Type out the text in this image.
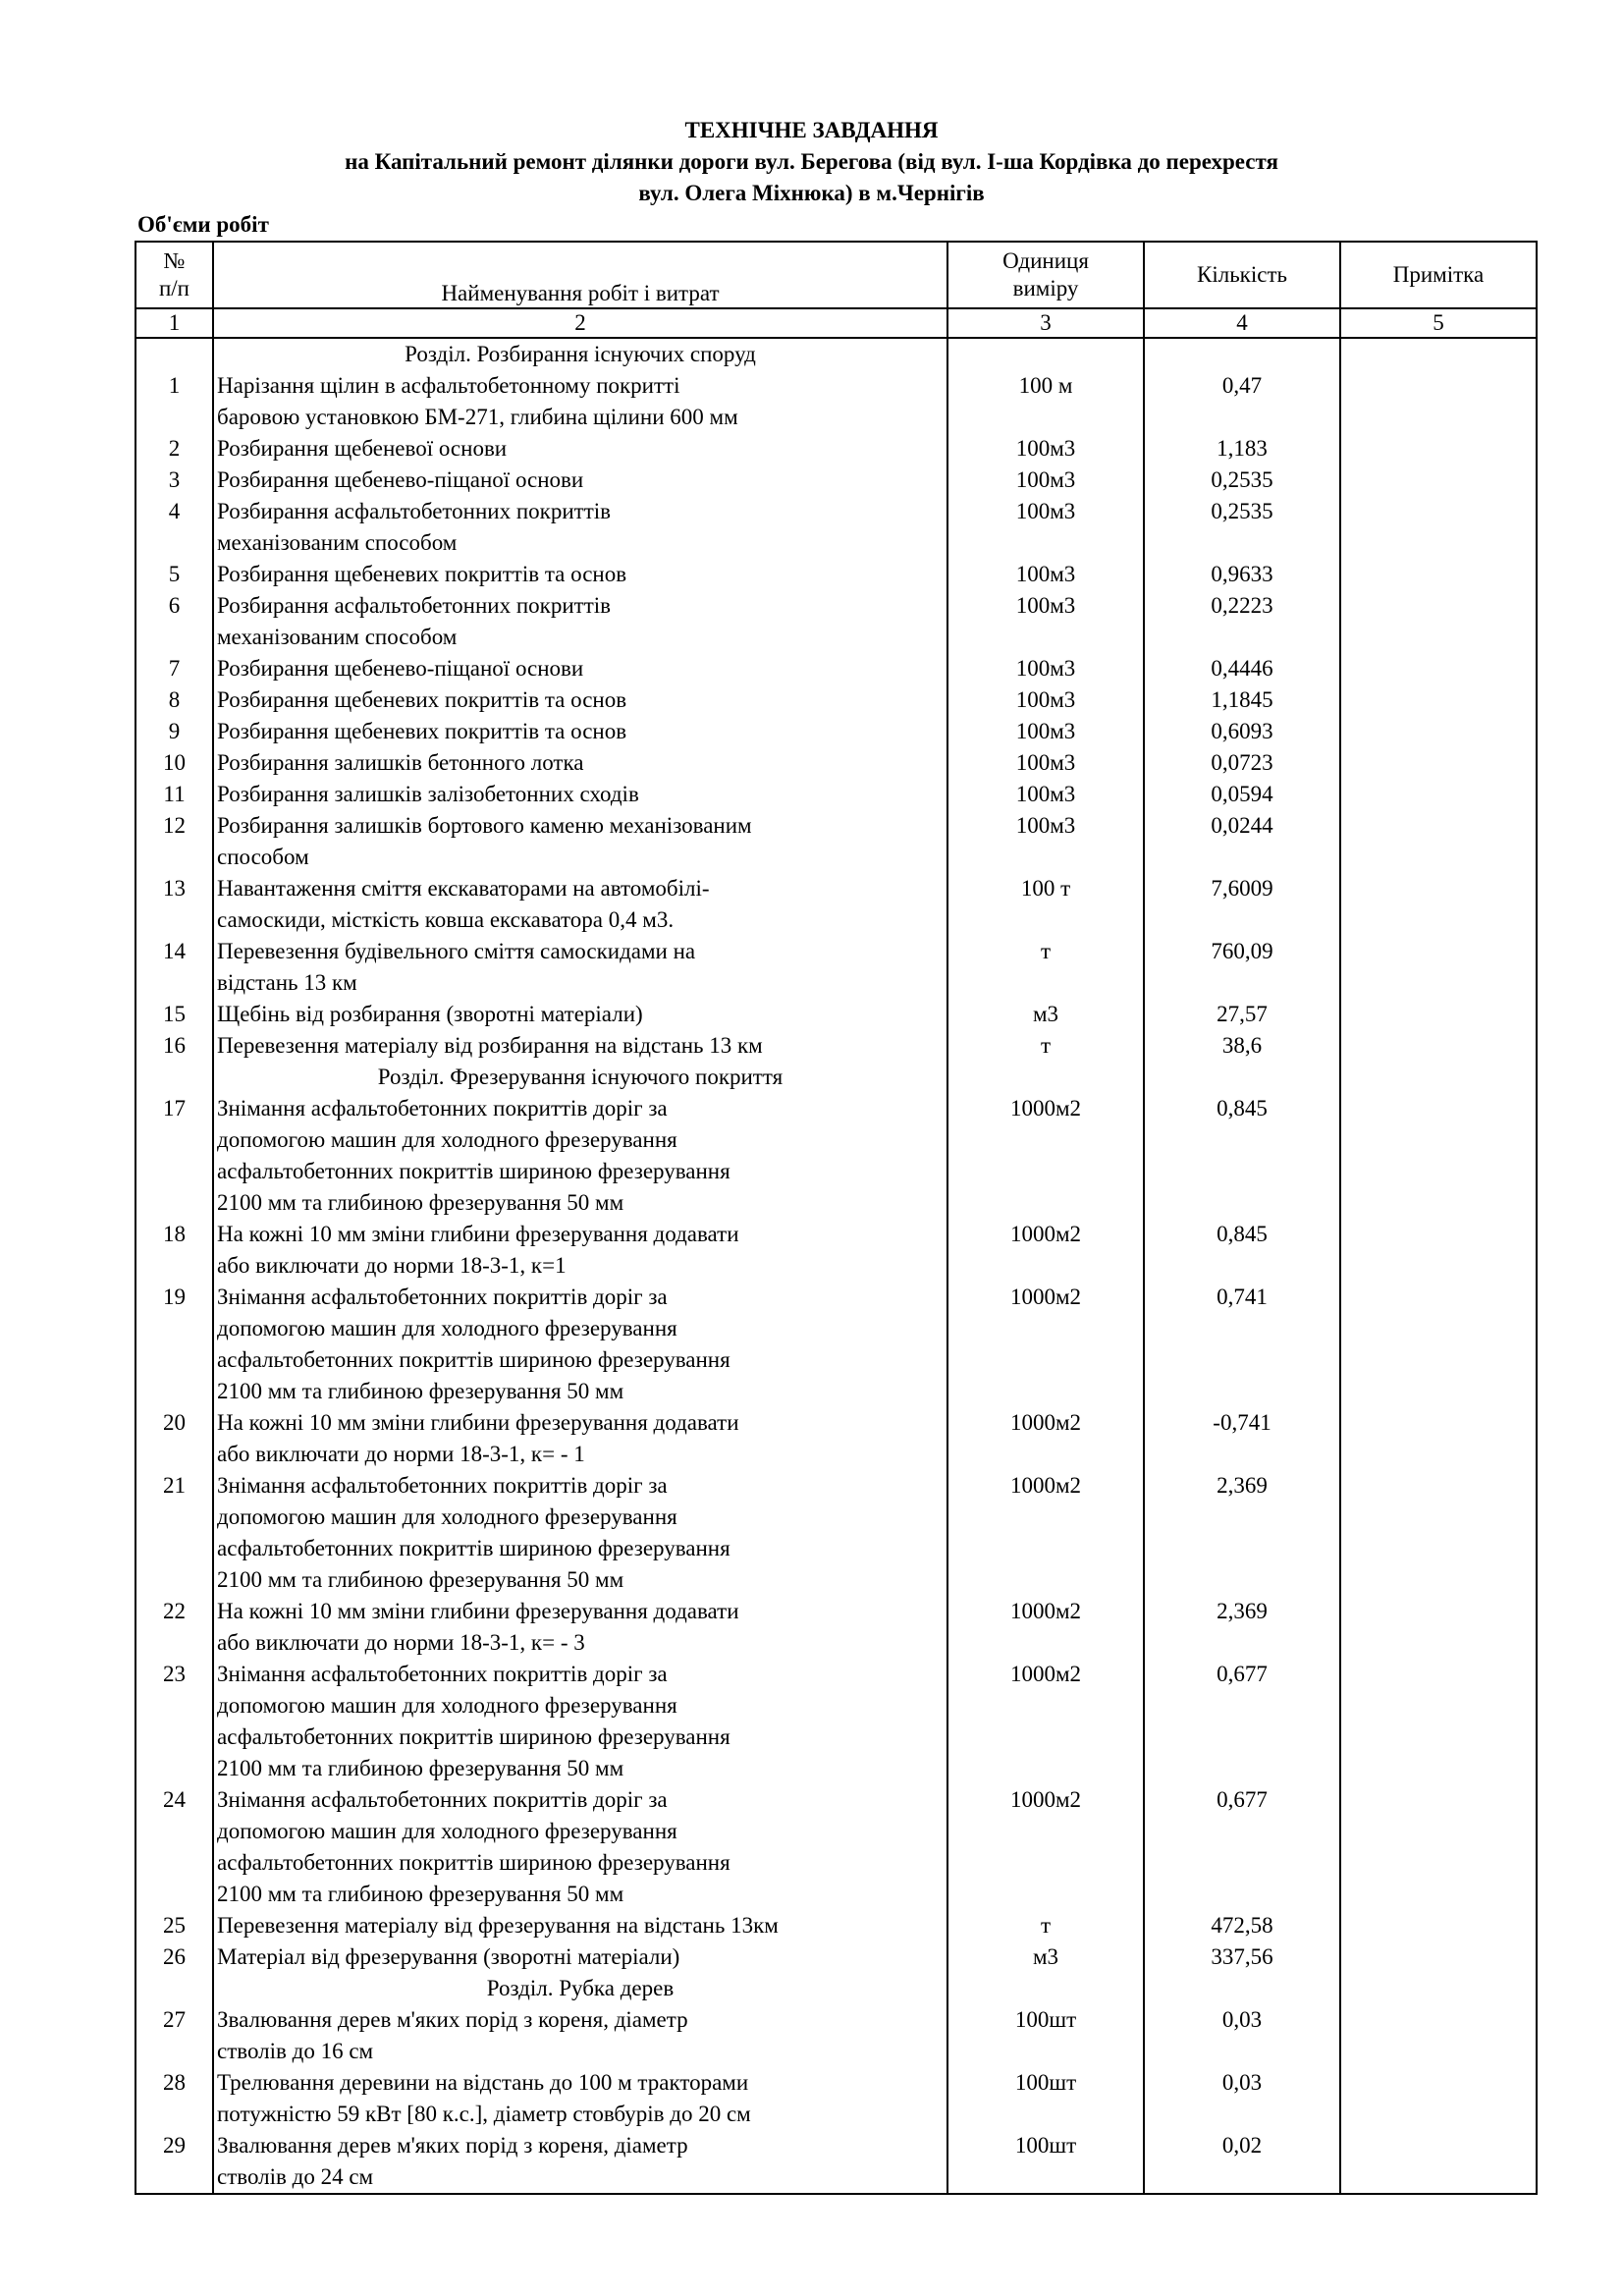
ТЕХНІЧНЕ ЗАВДАННЯ
на Капітальний ремонт ділянки дороги вул. Берегова (від вул. І-ша Кордівка до перехрестя
вул. Олега Міхнюка) в м.Чернігів
Об'єми робіт
№
п/п	Найменування робіт і витрат	Одиниця
виміру	Кількість	Примітка
1	2	3	4	5
	Розділ. Розбирання існуючих споруд			
1	Нарізання щілин в асфальтобетонному покритті
баровою установкою БМ-271, глибина щілини 600 мм	100 м	0,47	
2	Розбирання щебеневої основи	100м3	1,183	
3	Розбирання щебенево-піщаної основи	100м3	0,2535	
4	Розбирання асфальтобетонних покриттів
механізованим способом	100м3	0,2535	
5	Розбирання щебеневих покриттів та основ	100м3	0,9633	
6	Розбирання асфальтобетонних покриттів
механізованим способом	100м3	0,2223	
7	Розбирання щебенево-піщаної основи	100м3	0,4446	
8	Розбирання щебеневих покриттів та основ	100м3	1,1845	
9	Розбирання щебеневих покриттів та основ	100м3	0,6093	
10	Розбирання залишків бетонного лотка	100м3	0,0723	
11	Розбирання залишків залізобетонних сходів	100м3	0,0594	
12	Розбирання залишків бортового каменю механізованим
способом	100м3	0,0244	
13	Навантаження сміття екскаваторами на автомобілі-
самоскиди, місткість ковша екскаватора 0,4 м3.	100 т	7,6009	
14	Перевезення будівельного сміття самоскидами на
відстань 13 км	т	760,09	
15	Щебінь від розбирання (зворотні матеріали)	м3	27,57	
16	Перевезення матеріалу від розбирання на відстань 13 км	т	38,6	
	Розділ. Фрезерування існуючого покриття			
17	Знімання асфальтобетонних покриттів доріг за
допомогою машин для холодного фрезерування
асфальтобетонних покриттів шириною фрезерування
2100 мм та глибиною фрезерування 50 мм	1000м2	0,845	
18	На кожні 10 мм зміни глибини фрезерування додавати
або виключати до норми 18-3-1, к=1	1000м2	0,845	
19	Знімання асфальтобетонних покриттів доріг за
допомогою машин для холодного фрезерування
асфальтобетонних покриттів шириною фрезерування
2100 мм та глибиною фрезерування 50 мм	1000м2	0,741	
20	На кожні 10 мм зміни глибини фрезерування додавати
або виключати до норми 18-3-1, к= - 1	1000м2	-0,741	
21	Знімання асфальтобетонних покриттів доріг за
допомогою машин для холодного фрезерування
асфальтобетонних покриттів шириною фрезерування
2100 мм та глибиною фрезерування 50 мм	1000м2	2,369	
22	На кожні 10 мм зміни глибини фрезерування додавати
або виключати до норми 18-3-1, к= - 3	1000м2	2,369	
23	Знімання асфальтобетонних покриттів доріг за
допомогою машин для холодного фрезерування
асфальтобетонних покриттів шириною фрезерування
2100 мм та глибиною фрезерування 50 мм	1000м2	0,677	
24	Знімання асфальтобетонних покриттів доріг за
допомогою машин для холодного фрезерування
асфальтобетонних покриттів шириною фрезерування
2100 мм та глибиною фрезерування 50 мм	1000м2	0,677	
25	Перевезення матеріалу від фрезерування на відстань 13км	т	472,58	
26	Матеріал від фрезерування (зворотні матеріали)	м3	337,56	
	Розділ. Рубка дерев			
27	Звалювання дерев м'яких порід з кореня, діаметр
стволів до 16 см	100шт	0,03	
28	Трелювання деревини на відстань до 100 м тракторами
потужністю 59 кВт [80 к.с.], діаметр стовбурів до 20 см	100шт	0,03	
29	Звалювання дерев м'яких порід з кореня, діаметр
стволів до 24 см	100шт	0,02	
